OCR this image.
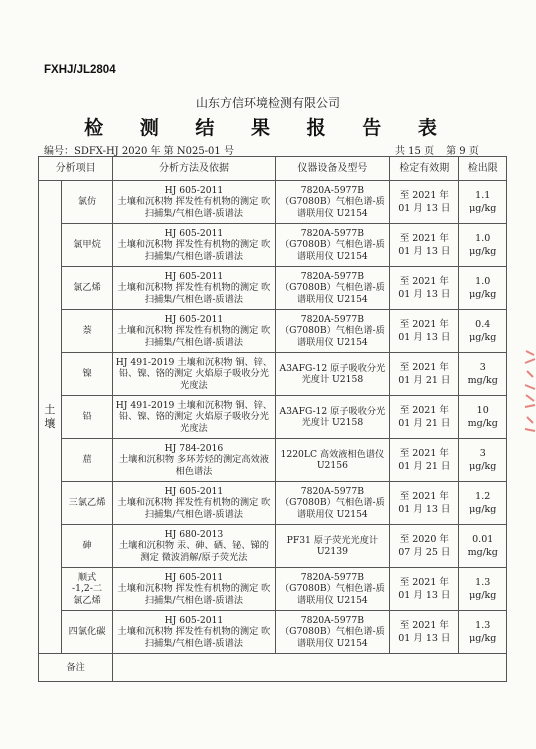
FXHJ/JL2804
山东方信环境检测有限公司
检 测 结 果 报 告 表
编号：SDFX-HJ 2020 年 第 N025-01 号	共 15 页 第 9 页
分析项目		分析方法及依据	仪器设备及型号	检定有效期	检出限
土
壤	氯仿	HJ 605-2011
土壤和沉积物 挥发性有机物的测定 吹扫捕集/气相色谱-质谱法	7820A-5977B
（G7080B）气相色谱-质谱联用仪 U2154	至 2021 年
01 月 13 日	1.1
μg/kg
	氯甲烷	HJ 605-2011
土壤和沉积物 挥发性有机物的测定 吹扫捕集/气相色谱-质谱法	7820A-5977B
（G7080B）气相色谱-质谱联用仪 U2154	至 2021 年
01 月 13 日	1.0
μg/kg
	氯乙烯	HJ 605-2011
土壤和沉积物 挥发性有机物的测定 吹扫捕集/气相色谱-质谱法	7820A-5977B
（G7080B）气相色谱-质谱联用仪 U2154	至 2021 年
01 月 13 日	1.0
μg/kg
	萘	HJ 605-2011
土壤和沉积物 挥发性有机物的测定 吹扫捕集/气相色谱-质谱法	7820A-5977B
（G7080B）气相色谱-质谱联用仪 U2154	至 2021 年
01 月 13 日	0.4
μg/kg
	镍	HJ 491-2019 土壤和沉积物 铜、锌、铅、镍、铬的测定 火焰原子吸收分光光度法	A3AFG-12 原子吸收分光光度计 U2158	至 2021 年
01 月 21 日	3
mg/kg
	铅	HJ 491-2019 土壤和沉积物 铜、锌、铅、镍、铬的测定 火焰原子吸收分光光度法	A3AFG-12 原子吸收分光光度计 U2158	至 2021 年
01 月 21 日	10
mg/kg
	䓛	HJ 784-2016
土壤和沉积物 多环芳烃的测定高效液相色谱法	1220LC 高效液相色谱仪 U2156	至 2021 年
01 月 21 日	3
μg/kg
	三氯乙烯	HJ 605-2011
土壤和沉积物 挥发性有机物的测定 吹扫捕集/气相色谱-质谱法	7820A-5977B
（G7080B）气相色谱-质谱联用仪 U2154	至 2021 年
01 月 13 日	1.2
μg/kg
	砷	HJ 680-2013
土壤和沉积物 汞、砷、硒、铋、锑的测定 微波消解/原子荧光法	PF31 原子荧光光度计 U2139	至 2020 年
07 月 25 日	0.01
mg/kg
	顺式
-1,2-二
氯乙烯	HJ 605-2011
土壤和沉积物 挥发性有机物的测定 吹扫捕集/气相色谱-质谱法	7820A-5977B
（G7080B）气相色谱-质谱联用仪 U2154	至 2021 年
01 月 13 日	1.3
μg/kg
	四氯化碳	HJ 605-2011
土壤和沉积物 挥发性有机物的测定 吹扫捕集/气相色谱-质谱法	7820A-5977B
（G7080B）气相色谱-质谱联用仪 U2154	至 2021 年
01 月 13 日	1.3
μg/kg
备注					
